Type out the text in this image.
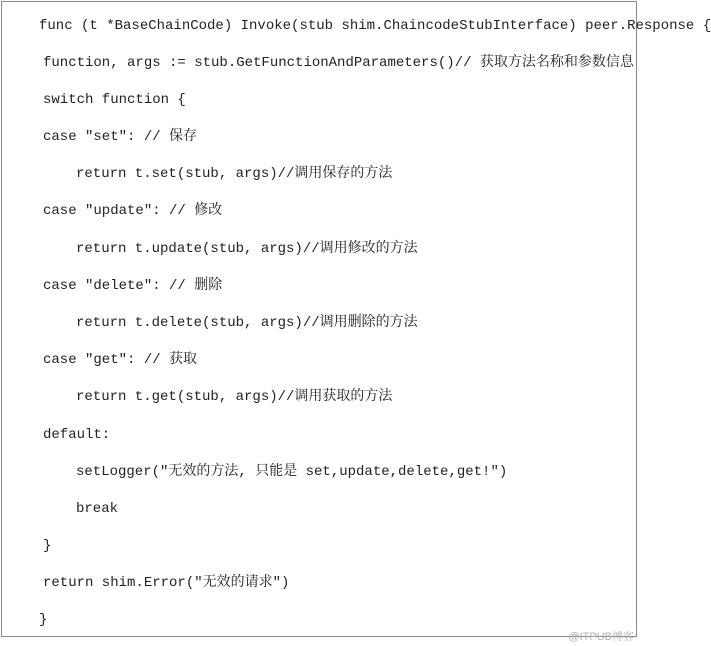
func (t *BaseChainCode) Invoke(stub shim.ChaincodeStubInterface) peer.Response {
function, args := stub.GetFunctionAndParameters()// 获取方法名称和参数信息
switch function {
case "set": // 保存
return t.set(stub, args)//调用保存的方法
case "update": // 修改
return t.update(stub, args)//调用修改的方法
case "delete": // 删除
return t.delete(stub, args)//调用删除的方法
case "get": // 获取
return t.get(stub, args)//调用获取的方法
default:
setLogger("无效的方法, 只能是 set,update,delete,get!")
break
}
return shim.Error("无效的请求")
}
@ITPUB博客
